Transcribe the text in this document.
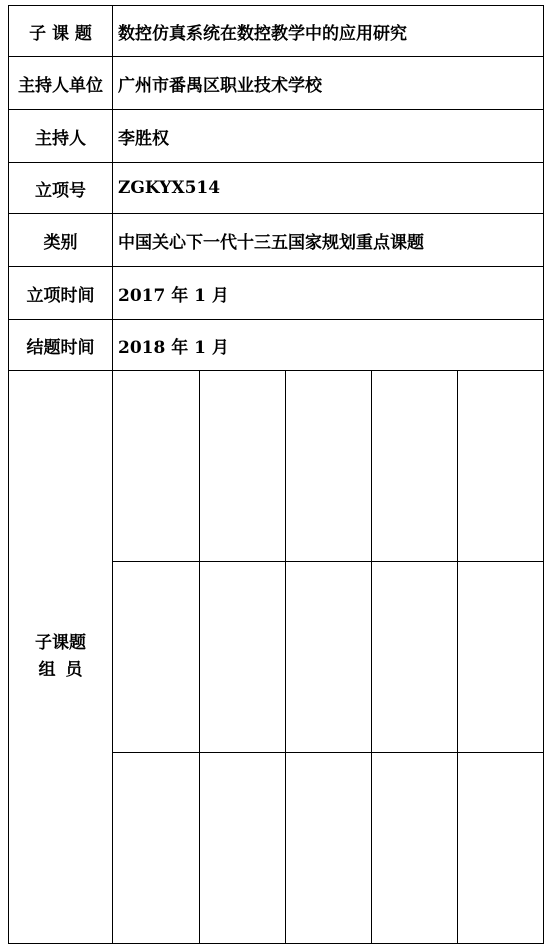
子 课 题	数控仿真系统在数控教学中的应用研究
主持人单位	广州市番禺区职业技术学校
主持人	李胜权
立项号	ZGKYX514
类别	中国关心下一代十三五国家规划重点课题
立项时间	2017 年 1 月
结题时间	2018 年 1 月

子课题
组员
